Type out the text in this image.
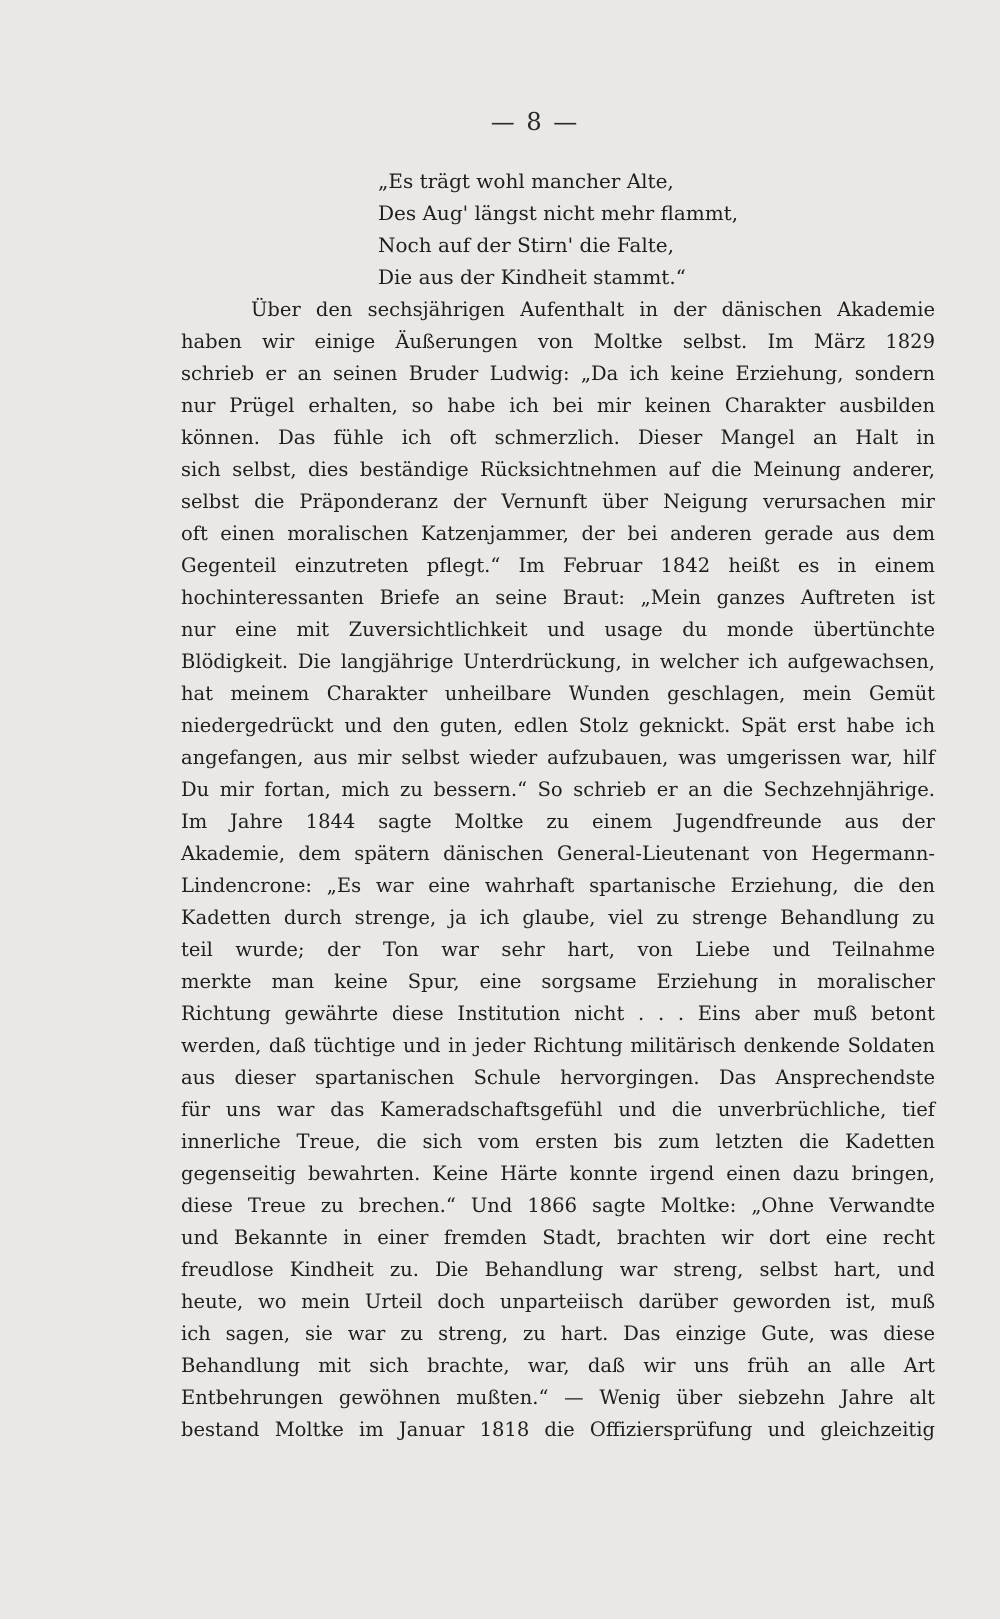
— 8 —
„Es trägt wohl mancher Alte,
Des Aug' längst nicht mehr flammt,
Noch auf der Stirn' die Falte,
Die aus der Kindheit stammt.“
Über den sechsjährigen Aufenthalt in der dänischen Akademie
haben wir einige Äußerungen von Moltke selbst. Im März 1829
schrieb er an seinen Bruder Ludwig: „Da ich keine Erziehung, sondern
nur Prügel erhalten, so habe ich bei mir keinen Charakter ausbilden
können. Das fühle ich oft schmerzlich. Dieser Mangel an Halt in
sich selbst, dies beständige Rücksichtnehmen auf die Meinung anderer,
selbst die Präponderanz der Vernunft über Neigung verursachen mir
oft einen moralischen Katzenjammer, der bei anderen gerade aus dem
Gegenteil einzutreten pflegt.“ Im Februar 1842 heißt es in einem
hochinteressanten Briefe an seine Braut: „Mein ganzes Auftreten ist
nur eine mit Zuversichtlichkeit und usage du monde übertünchte
Blödigkeit. Die langjährige Unterdrückung, in welcher ich aufgewachsen,
hat meinem Charakter unheilbare Wunden geschlagen, mein Gemüt
niedergedrückt und den guten, edlen Stolz geknickt. Spät erst habe ich
angefangen, aus mir selbst wieder aufzubauen, was umgerissen war, hilf
Du mir fortan, mich zu bessern.“ So schrieb er an die Sechzehnjährige.
Im Jahre 1844 sagte Moltke zu einem Jugendfreunde aus der
Akademie, dem spätern dänischen General-Lieutenant von Hegermann-
Lindencrone: „Es war eine wahrhaft spartanische Erziehung, die den
Kadetten durch strenge, ja ich glaube, viel zu strenge Behandlung zu
teil wurde; der Ton war sehr hart, von Liebe und Teilnahme
merkte man keine Spur, eine sorgsame Erziehung in moralischer
Richtung gewährte diese Institution nicht . . . Eins aber muß betont
werden, daß tüchtige und in jeder Richtung militärisch denkende Soldaten
aus dieser spartanischen Schule hervorgingen. Das Ansprechendste
für uns war das Kameradschaftsgefühl und die unverbrüchliche, tief
innerliche Treue, die sich vom ersten bis zum letzten die Kadetten
gegenseitig bewahrten. Keine Härte konnte irgend einen dazu bringen,
diese Treue zu brechen.“ Und 1866 sagte Moltke: „Ohne Verwandte
und Bekannte in einer fremden Stadt, brachten wir dort eine recht
freudlose Kindheit zu. Die Behandlung war streng, selbst hart, und
heute, wo mein Urteil doch unparteiisch darüber geworden ist, muß
ich sagen, sie war zu streng, zu hart. Das einzige Gute, was diese
Behandlung mit sich brachte, war, daß wir uns früh an alle Art
Entbehrungen gewöhnen mußten.“ — Wenig über siebzehn Jahre alt
bestand Moltke im Januar 1818 die Offiziersprüfung und gleichzeitig
